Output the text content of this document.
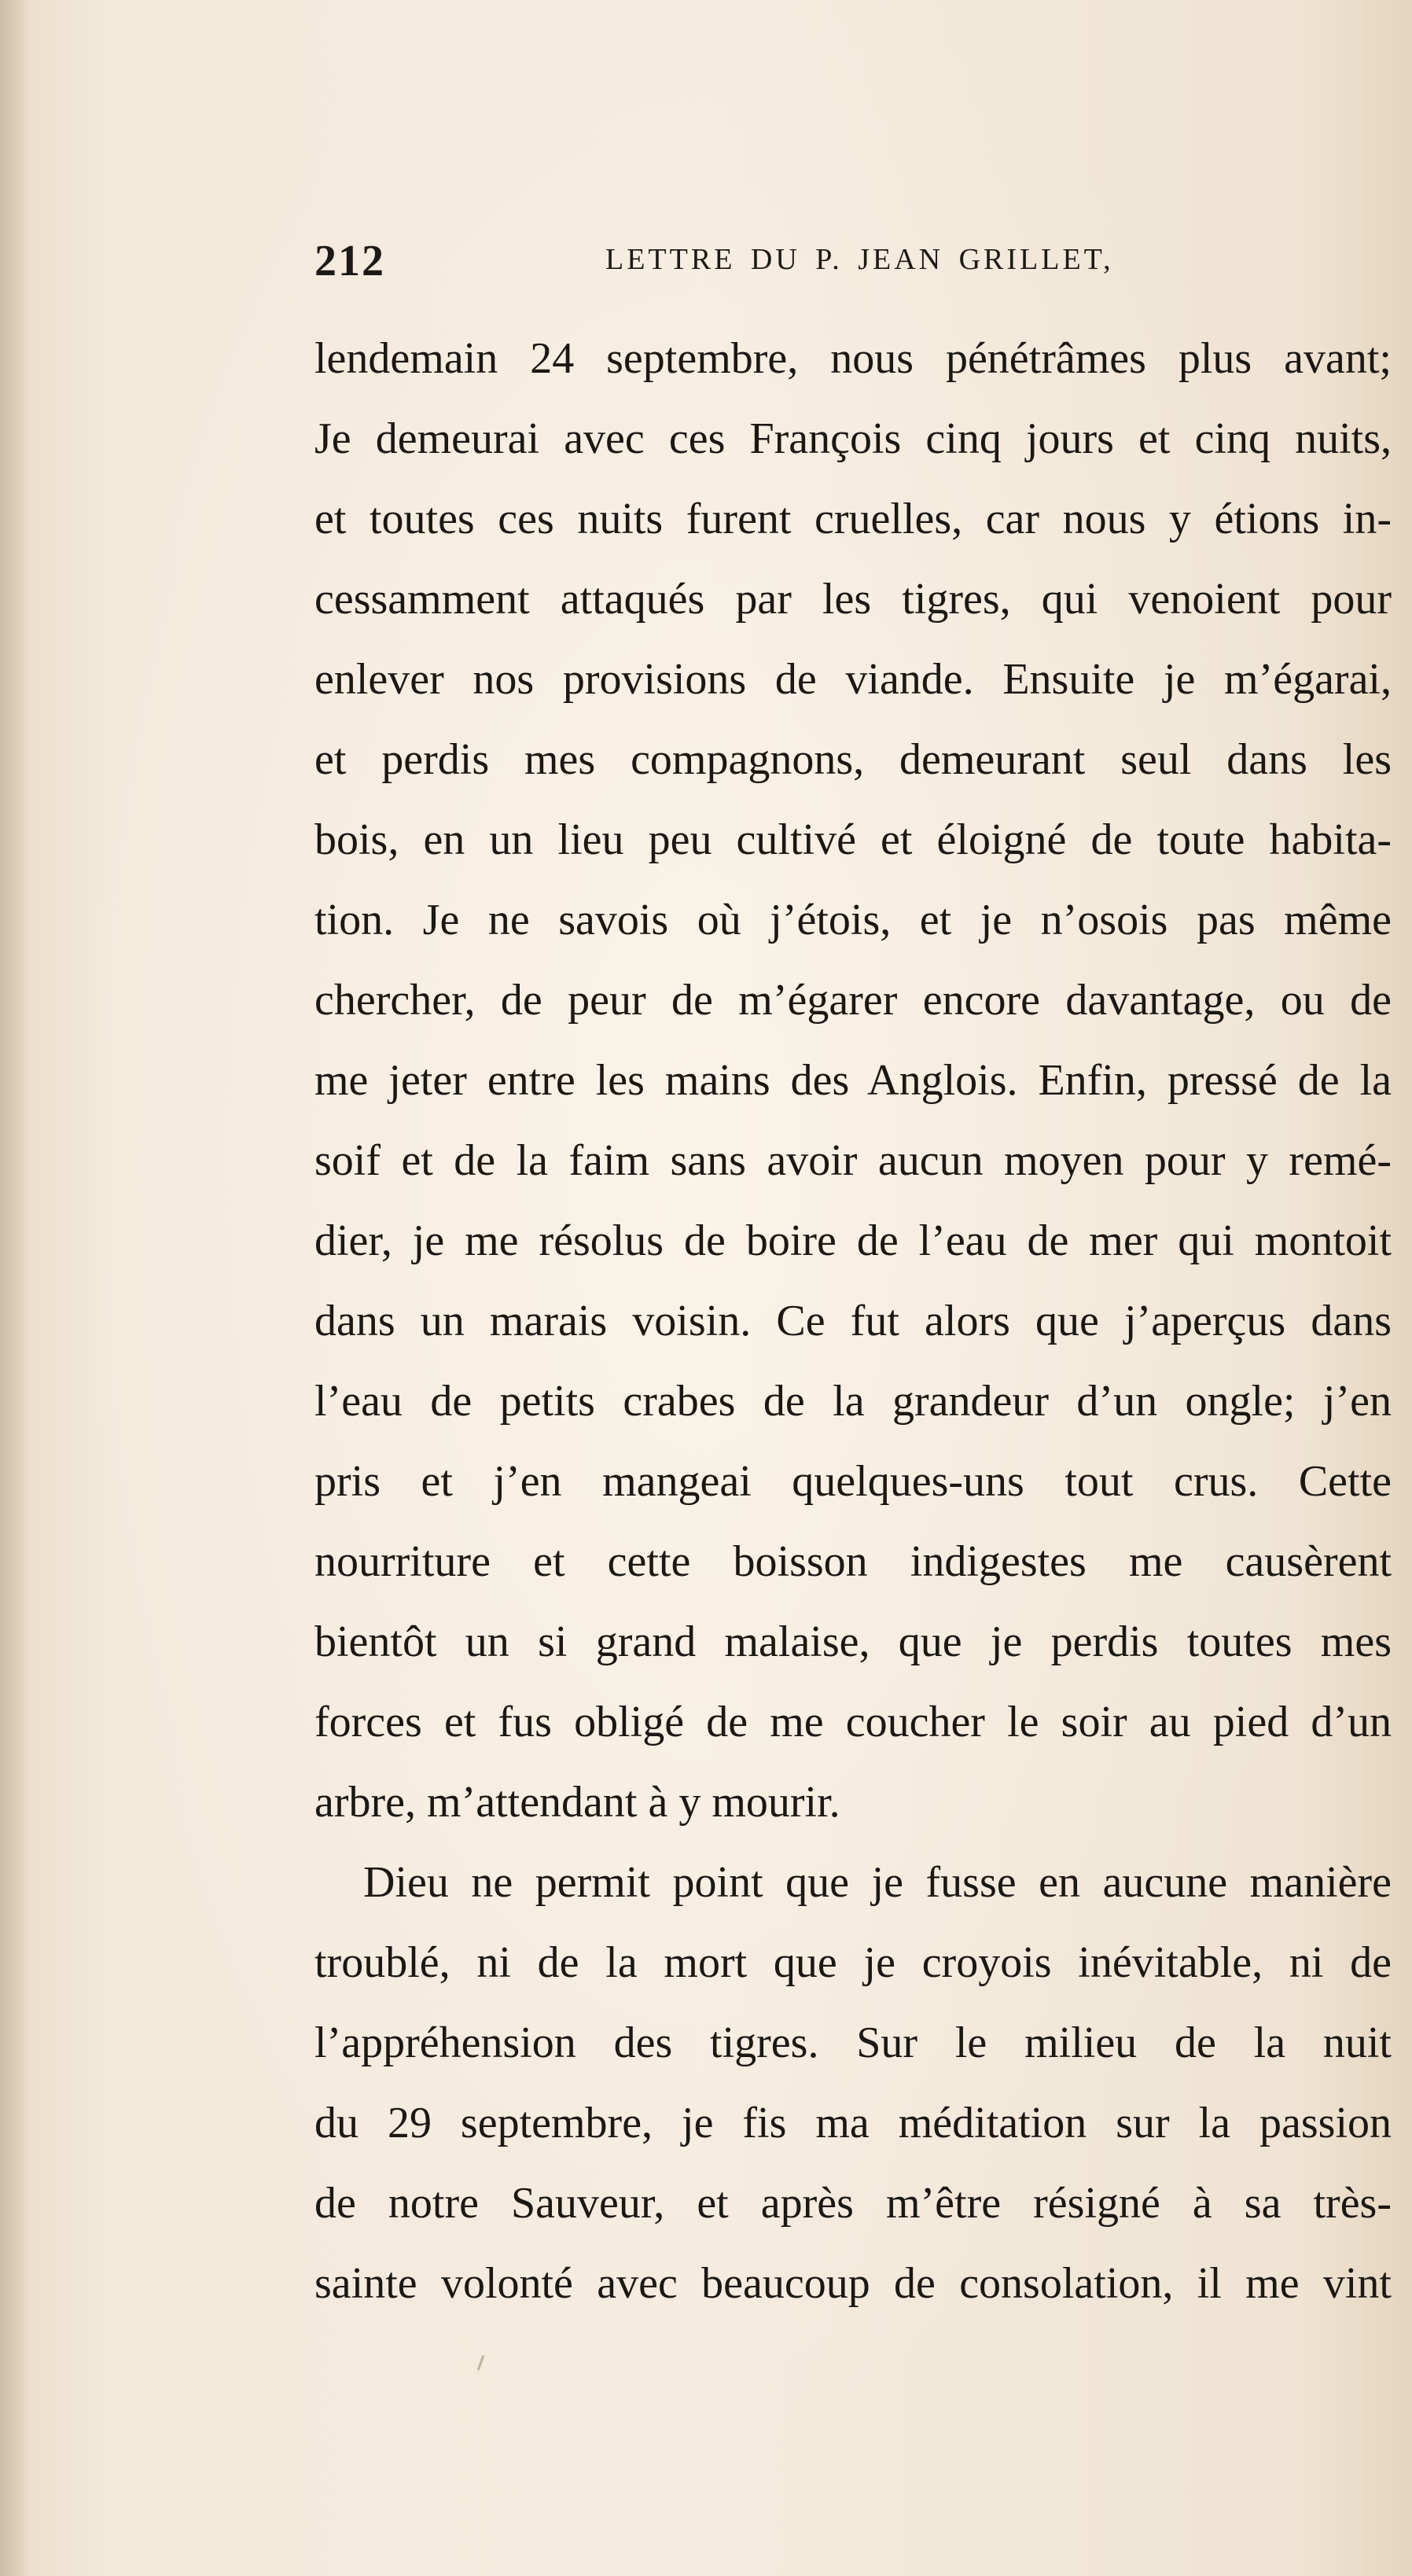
212	LETTRE DU P. JEAN GRILLET,
lendemain 24 septembre, nous pénétrâmes plus avant;
Je demeurai avec ces François cinq jours et cinq nuits,
et toutes ces nuits furent cruelles, car nous y étions in-
cessamment attaqués par les tigres, qui venoient pour
enlever nos provisions de viande. Ensuite je m’égarai,
et perdis mes compagnons, demeurant seul dans les
bois, en un lieu peu cultivé et éloigné de toute habita-
tion. Je ne savois où j’étois, et je n’osois pas même
chercher, de peur de m’égarer encore davantage, ou de
me jeter entre les mains des Anglois. Enfin, pressé de la
soif et de la faim sans avoir aucun moyen pour y remé-
dier, je me résolus de boire de l’eau de mer qui montoit
dans un marais voisin. Ce fut alors que j’aperçus dans
l’eau de petits crabes de la grandeur d’un ongle; j’en
pris et j’en mangeai quelques-uns tout crus. Cette
nourriture et cette boisson indigestes me causèrent
bientôt un si grand malaise, que je perdis toutes mes
forces et fus obligé de me coucher le soir au pied d’un
arbre, m’attendant à y mourir.
Dieu ne permit point que je fusse en aucune manière
troublé, ni de la mort que je croyois inévitable, ni de
l’appréhension des tigres. Sur le milieu de la nuit
du 29 septembre, je fis ma méditation sur la passion
de notre Sauveur, et après m’être résigné à sa très-
sainte volonté avec beaucoup de consolation, il me vint
